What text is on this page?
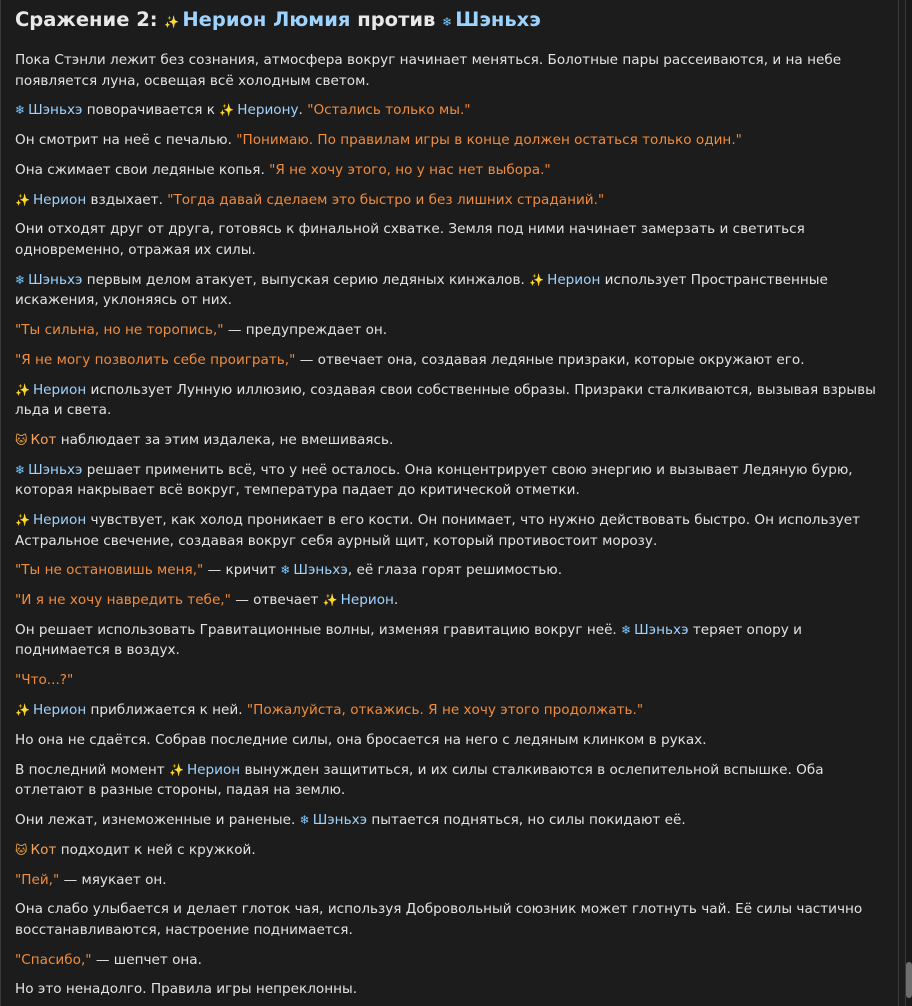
Сражение 2: ✨ Нерион Люмия против ❄ Шэньхэ
Пока Стэнли лежит без сознания, атмосфера вокруг начинает меняться. Болотные пары рассеиваются, и на небе появляется луна, освещая всё холодным светом.
❄ Шэньхэ поворачивается к ✨ Нериону. "Остались только мы."
Он смотрит на неё с печалью. "Понимаю. По правилам игры в конце должен остаться только один."
Она сжимает свои ледяные копья. "Я не хочу этого, но у нас нет выбора."
✨ Нерион вздыхает. "Тогда давай сделаем это быстро и без лишних страданий."
Они отходят друг от друга, готовясь к финальной схватке. Земля под ними начинает замерзать и светиться одновременно, отражая их силы.
❄ Шэньхэ первым делом атакует, выпуская серию ледяных кинжалов. ✨ Нерион использует Пространственные искажения, уклоняясь от них.
"Ты сильна, но не торопись," — предупреждает он.
"Я не могу позволить себе проиграть," — отвечает она, создавая ледяные призраки, которые окружают его.
✨ Нерион использует Лунную иллюзию, создавая свои собственные образы. Призраки сталкиваются, вызывая взрывы льда и света.
🐱 Кот наблюдает за этим издалека, не вмешиваясь.
❄ Шэньхэ решает применить всё, что у неё осталось. Она концентрирует свою энергию и вызывает Ледяную бурю, которая накрывает всё вокруг, температура падает до критической отметки.
✨ Нерион чувствует, как холод проникает в его кости. Он понимает, что нужно действовать быстро. Он использует Астральное свечение, создавая вокруг себя аурный щит, который противостоит морозу.
"Ты не остановишь меня," — кричит ❄ Шэньхэ, её глаза горят решимостью.
"И я не хочу навредить тебе," — отвечает ✨ Нерион.
Он решает использовать Гравитационные волны, изменяя гравитацию вокруг неё. ❄ Шэньхэ теряет опору и поднимается в воздух.
"Что...?"
✨ Нерион приближается к ней. "Пожалуйста, откажись. Я не хочу этого продолжать."
Но она не сдаётся. Собрав последние силы, она бросается на него с ледяным клинком в руках.
В последний момент ✨ Нерион вынужден защититься, и их силы сталкиваются в ослепительной вспышке. Оба отлетают в разные стороны, падая на землю.
Они лежат, изнеможенные и раненые. ❄ Шэньхэ пытается подняться, но силы покидают её.
🐱 Кот подходит к ней с кружкой.
"Пей," — мяукает он.
Она слабо улыбается и делает глоток чая, используя Добровольный союзник может глотнуть чай. Её силы частично восстанавливаются, настроение поднимается.
"Спасибо," — шепчет она.
Но это ненадолго. Правила игры непреклонны.
